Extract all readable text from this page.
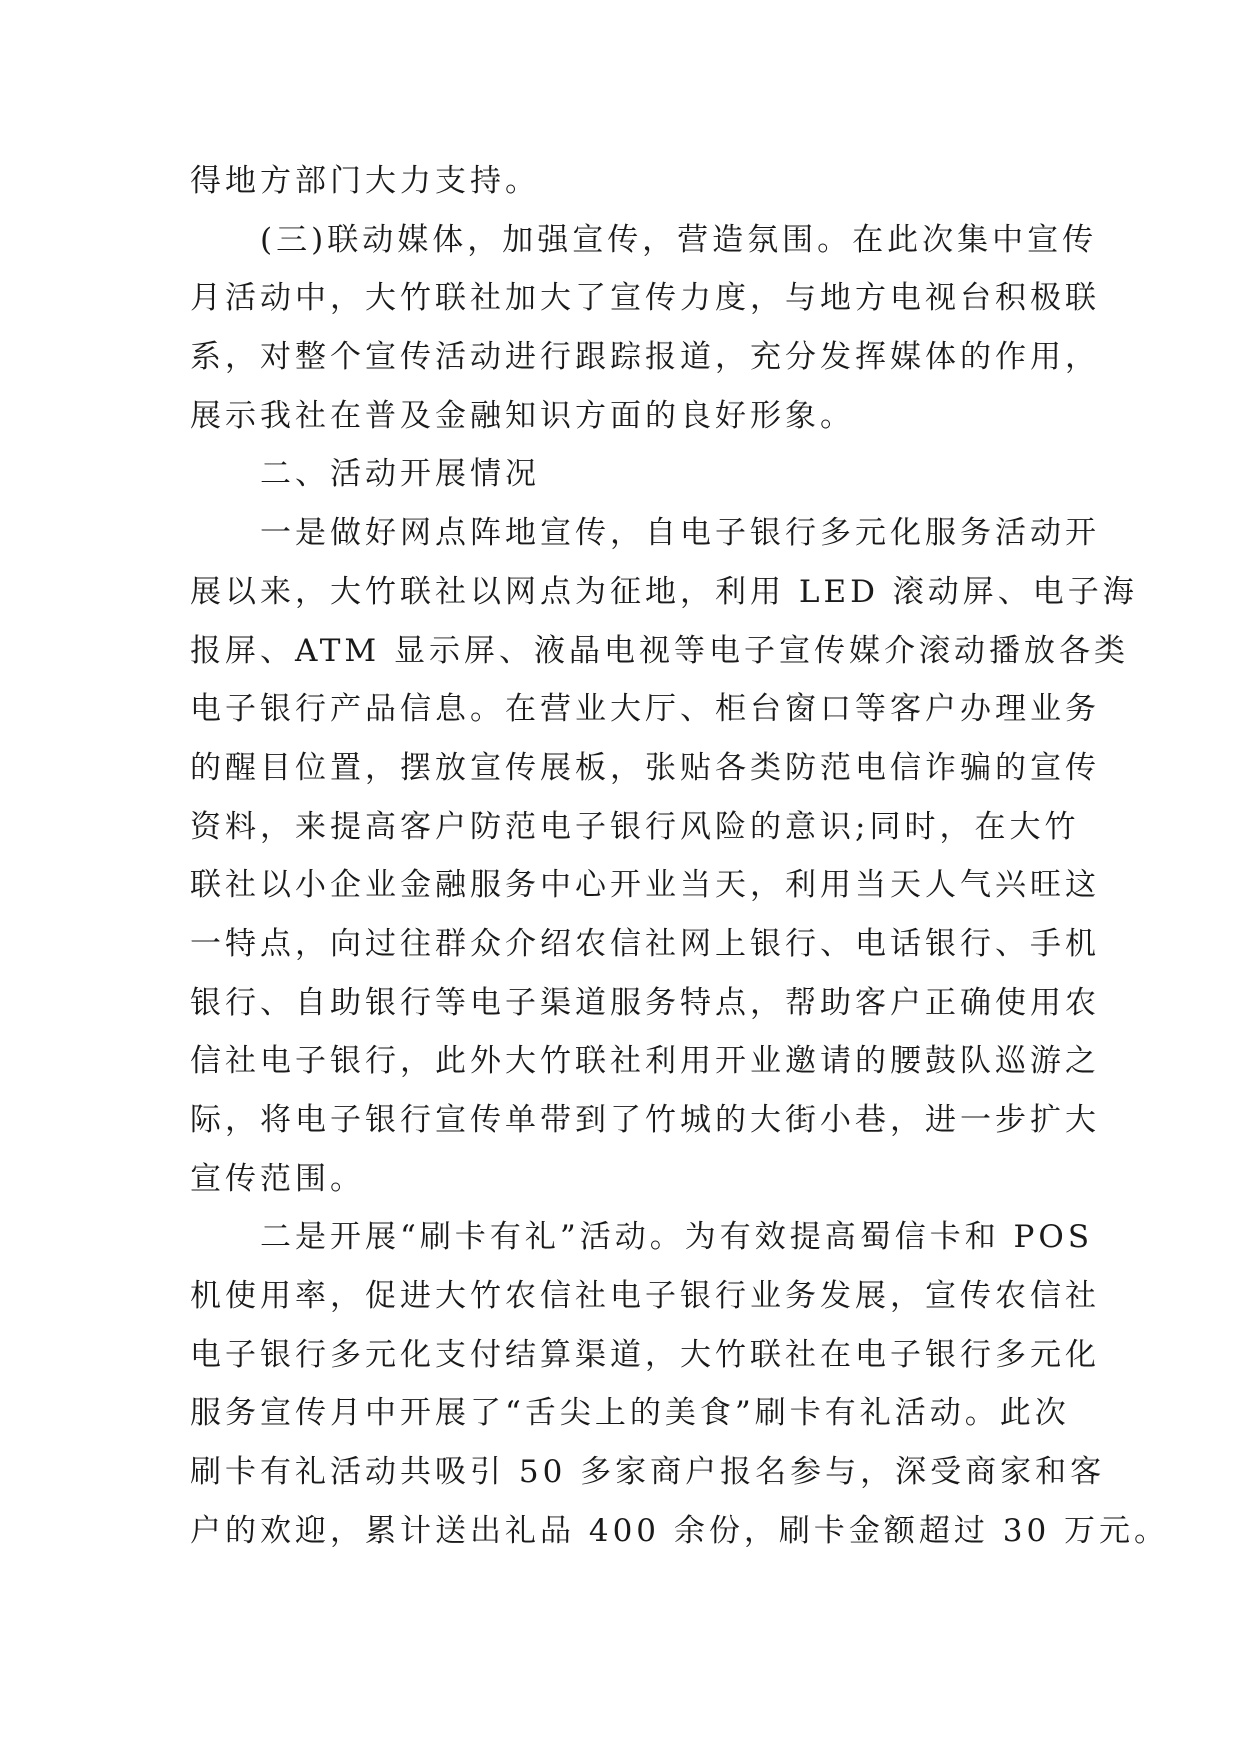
得地方部门大力支持。

(三)联动媒体，加强宣传，营造氛围。在此次集中宣传

月活动中，大竹联社加大了宣传力度，与地方电视台积极联

系，对整个宣传活动进行跟踪报道，充分发挥媒体的作用，

展示我社在普及金融知识方面的良好形象。

二、活动开展情况

一是做好网点阵地宣传，自电子银行多元化服务活动开

展以来，大竹联社以网点为征地，利用 LED 滚动屏、电子海

报屏、ATM 显示屏、液晶电视等电子宣传媒介滚动播放各类

电子银行产品信息。在营业大厅、柜台窗口等客户办理业务

的醒目位置，摆放宣传展板，张贴各类防范电信诈骗的宣传

资料，来提高客户防范电子银行风险的意识;同时，在大竹

联社以小企业金融服务中心开业当天，利用当天人气兴旺这

一特点，向过往群众介绍农信社网上银行、电话银行、手机

银行、自助银行等电子渠道服务特点，帮助客户正确使用农

信社电子银行，此外大竹联社利用开业邀请的腰鼓队巡游之

际，将电子银行宣传单带到了竹城的大街小巷，进一步扩大

宣传范围。

二是开展“刷卡有礼”活动。为有效提高蜀信卡和 POS

机使用率，促进大竹农信社电子银行业务发展，宣传农信社

电子银行多元化支付结算渠道，大竹联社在电子银行多元化

服务宣传月中开展了“舌尖上的美食”刷卡有礼活动。此次

刷卡有礼活动共吸引 50 多家商户报名参与，深受商家和客

户的欢迎，累计送出礼品 400 余份，刷卡金额超过 30 万元。
